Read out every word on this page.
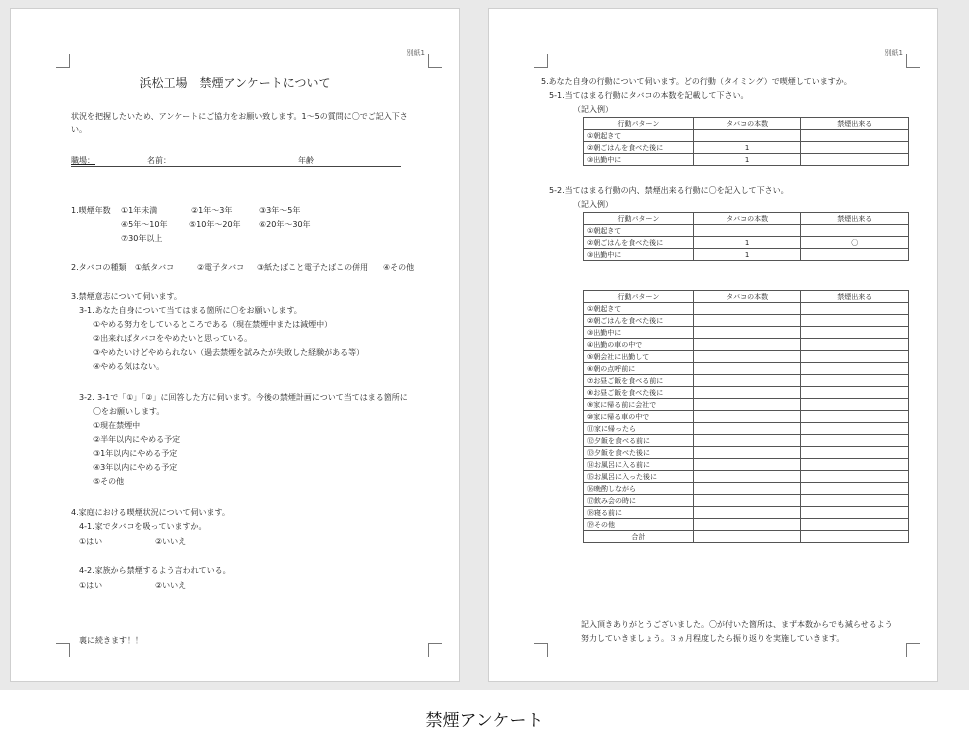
別紙1
浜松工場　禁煙アンケートについて
状況を把握したいため、アンケートにご協力をお願い致します。1～5の質問に〇でご記入下さ
い。
職場：	名前：	年齢
1.喫煙年数 ①1年未満	②1年～3年	③3年～5年
④5年～10年	⑤10年～20年 ⑥20年～30年
⑦30年以上
2.タバコの種類 ①紙タバコ	②電子タバコ ③紙たばこと電子たばこの併用 ④その他
3.禁煙意志について伺います。
3-1.あなた自身について当てはまる箇所に〇をお願いします。
①やめる努力をしているところである（現在禁煙中または減煙中）
②出来ればタバコをやめたいと思っている。
③やめたいけどやめられない（過去禁煙を試みたが失敗した経験がある等）
④やめる気はない。
3-2. 3-1で「①」「②」に回答した方に伺います。今後の禁煙計画について当てはまる箇所に
〇をお願いします。
①現在禁煙中
②半年以内にやめる予定
③1年以内にやめる予定
④3年以内にやめる予定
⑤その他
4.家庭における喫煙状況について伺います。
4-1.家でタバコを吸っていますか。
①はい	②いいえ
4-2.家族から禁煙するよう言われている。
①はい	②いいえ
裏に続きます！！
別紙1
5.あなた自身の行動について伺います。どの行動（タイミング）で喫煙していますか。
5-1.当てはまる行動にタバコの本数を記載して下さい。
（記入例）
行動パターン	タバコの本数	禁煙出来る
①朝起きて		
②朝ごはんを食べた後に	1	
③出勤中に	1	
5-2.当てはまる行動の内、禁煙出来る行動に〇を記入して下さい。
（記入例）
行動パターン	タバコの本数	禁煙出来る
①朝起きて		
②朝ごはんを食べた後に	1	〇
③出勤中に	1	
行動パターン	タバコの本数	禁煙出来る
①朝起きて		
②朝ごはんを食べた後に		
③出勤中に		
④出勤の車の中で		
⑤朝会社に出勤して		
⑥朝の点呼前に		
⑦お昼ご飯を食べる前に		
⑧お昼ご飯を食べた後に		
⑨家に帰る前に会社で		
⑩家に帰る車の中で		
⑪家に帰ったら		
⑫夕飯を食べる前に		
⑬夕飯を食べた後に		
⑭お風呂に入る前に		
⑮お風呂に入った後に		
⑯晩酌しながら		
⑰飲み会の時に		
⑱寝る前に		
⑲その他		
合計		
記入頂きありがとうございました。〇が付いた箇所は、まず本数からでも減らせるよう
努力していきましょう。３ヵ月程度したら振り返りを実施していきます。
禁煙アンケート
